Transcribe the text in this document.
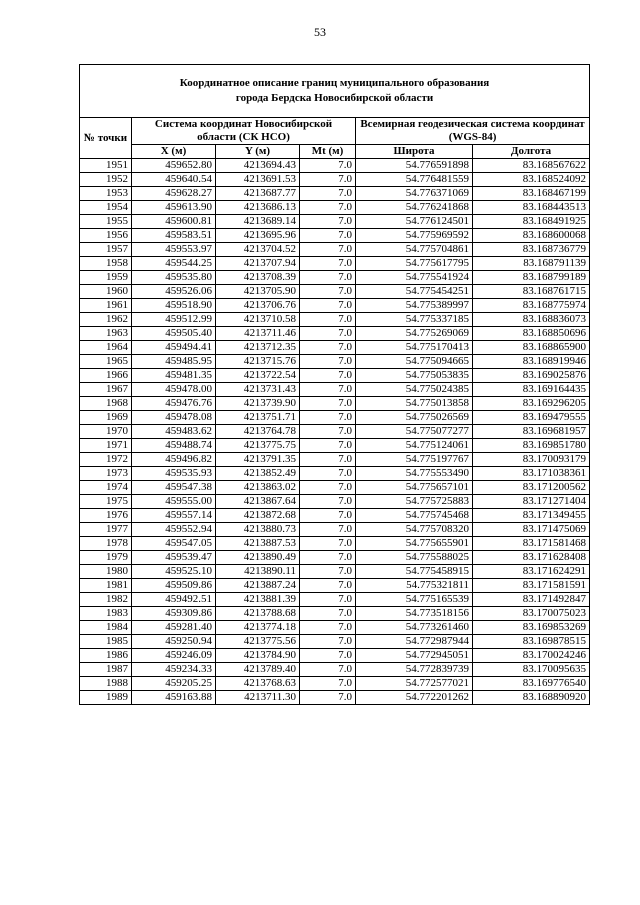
53
Координатное описание границ муниципального образования
города Бердска Новосибирской области					
№ точки	Система координат Новосибирской области (СК НСО)			Всемирная геодезическая система координат (WGS-84)	
	X (м)	Y (м)	Mt (м)	Широта	Долгота
1951	459652.80	4213694.43	7.0	54.776591898	83.168567622
1952	459640.54	4213691.53	7.0	54.776481559	83.168524092
1953	459628.27	4213687.77	7.0	54.776371069	83.168467199
1954	459613.90	4213686.13	7.0	54.776241868	83.168443513
1955	459600.81	4213689.14	7.0	54.776124501	83.168491925
1956	459583.51	4213695.96	7.0	54.775969592	83.168600068
1957	459553.97	4213704.52	7.0	54.775704861	83.168736779
1958	459544.25	4213707.94	7.0	54.775617795	83.168791139
1959	459535.80	4213708.39	7.0	54.775541924	83.168799189
1960	459526.06	4213705.90	7.0	54.775454251	83.168761715
1961	459518.90	4213706.76	7.0	54.775389997	83.168775974
1962	459512.99	4213710.58	7.0	54.775337185	83.168836073
1963	459505.40	4213711.46	7.0	54.775269069	83.168850696
1964	459494.41	4213712.35	7.0	54.775170413	83.168865900
1965	459485.95	4213715.76	7.0	54.775094665	83.168919946
1966	459481.35	4213722.54	7.0	54.775053835	83.169025876
1967	459478.00	4213731.43	7.0	54.775024385	83.169164435
1968	459476.76	4213739.90	7.0	54.775013858	83.169296205
1969	459478.08	4213751.71	7.0	54.775026569	83.169479555
1970	459483.62	4213764.78	7.0	54.775077277	83.169681957
1971	459488.74	4213775.75	7.0	54.775124061	83.169851780
1972	459496.82	4213791.35	7.0	54.775197767	83.170093179
1973	459535.93	4213852.49	7.0	54.775553490	83.171038361
1974	459547.38	4213863.02	7.0	54.775657101	83.171200562
1975	459555.00	4213867.64	7.0	54.775725883	83.171271404
1976	459557.14	4213872.68	7.0	54.775745468	83.171349455
1977	459552.94	4213880.73	7.0	54.775708320	83.171475069
1978	459547.05	4213887.53	7.0	54.775655901	83.171581468
1979	459539.47	4213890.49	7.0	54.775588025	83.171628408
1980	459525.10	4213890.11	7.0	54.775458915	83.171624291
1981	459509.86	4213887.24	7.0	54.775321811	83.171581591
1982	459492.51	4213881.39	7.0	54.775165539	83.171492847
1983	459309.86	4213788.68	7.0	54.773518156	83.170075023
1984	459281.40	4213774.18	7.0	54.773261460	83.169853269
1985	459250.94	4213775.56	7.0	54.772987944	83.169878515
1986	459246.09	4213784.90	7.0	54.772945051	83.170024246
1987	459234.33	4213789.40	7.0	54.772839739	83.170095635
1988	459205.25	4213768.63	7.0	54.772577021	83.169776540
1989	459163.88	4213711.30	7.0	54.772201262	83.168890920
